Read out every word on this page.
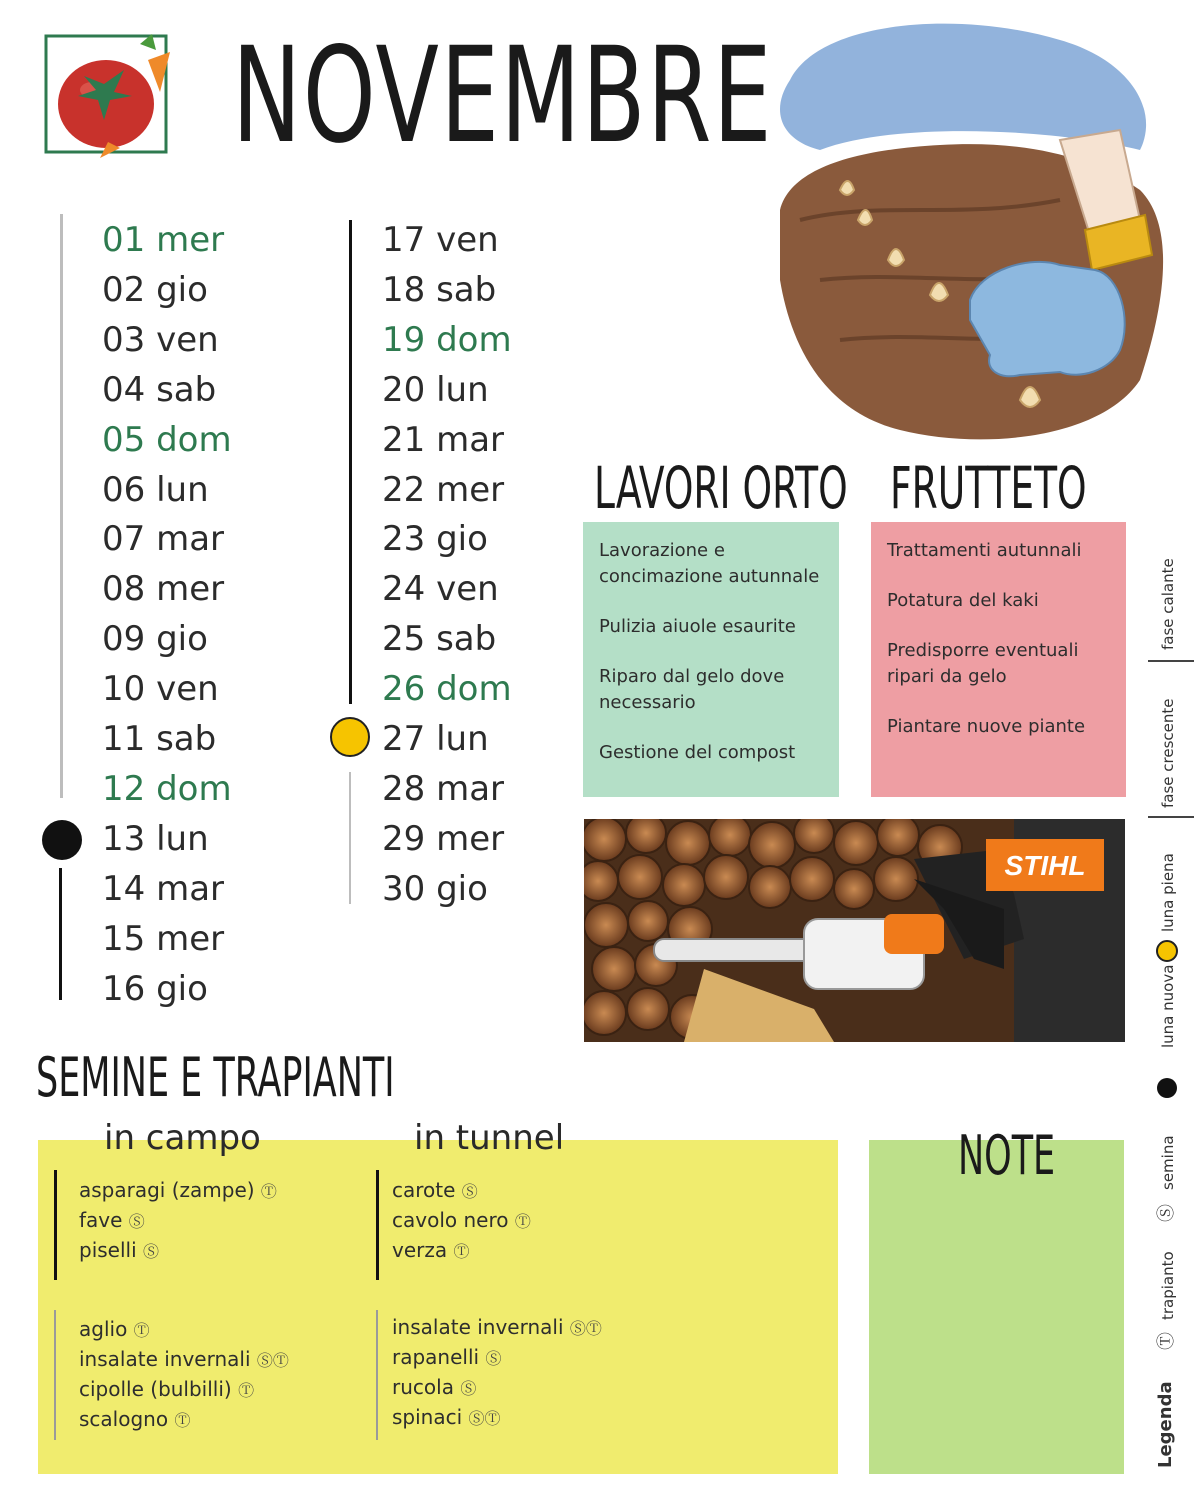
NOVEMBRE
01 mer
02 gio
03 ven
04 sab
05 dom
06 lun
07 mar
08 mer
09 gio
10 ven
11 sab
12 dom
13 lun
14 mar
15 mer
16 gio
17 ven
18 sab
19 dom
20 lun
21 mar
22 mer
23 gio
24 ven
25 sab
26 dom
27 lun
28 mar
29 mer
30 gio
LAVORI ORTO
Lavorazione e concimazione autunnale
Pulizia aiuole esaurite
Riparo dal gelo dove necessario
Gestione del compost
FRUTTETO
Trattamenti autunnali
Potatura del kaki
Predisporre eventuali ripari da gelo
Piantare nuove piante
STIHL
SEMINE E TRAPIANTI
in campo	in tunnel
asparagi (zampe) Ⓣ
fave Ⓢ
piselli Ⓢ
aglio Ⓣ
insalate invernali ⓈⓉ
cipolle (bulbilli) Ⓣ
scalogno Ⓣ
carote Ⓢ
cavolo nero Ⓣ
verza Ⓣ
insalate invernali ⓈⓉ
rapanelli Ⓢ
rucola Ⓢ
spinaci ⓈⓉ
NOTE
fase calante
fase crescente
luna piena
luna nuova
semina
Ⓢ
trapianto
Ⓣ
Legenda
